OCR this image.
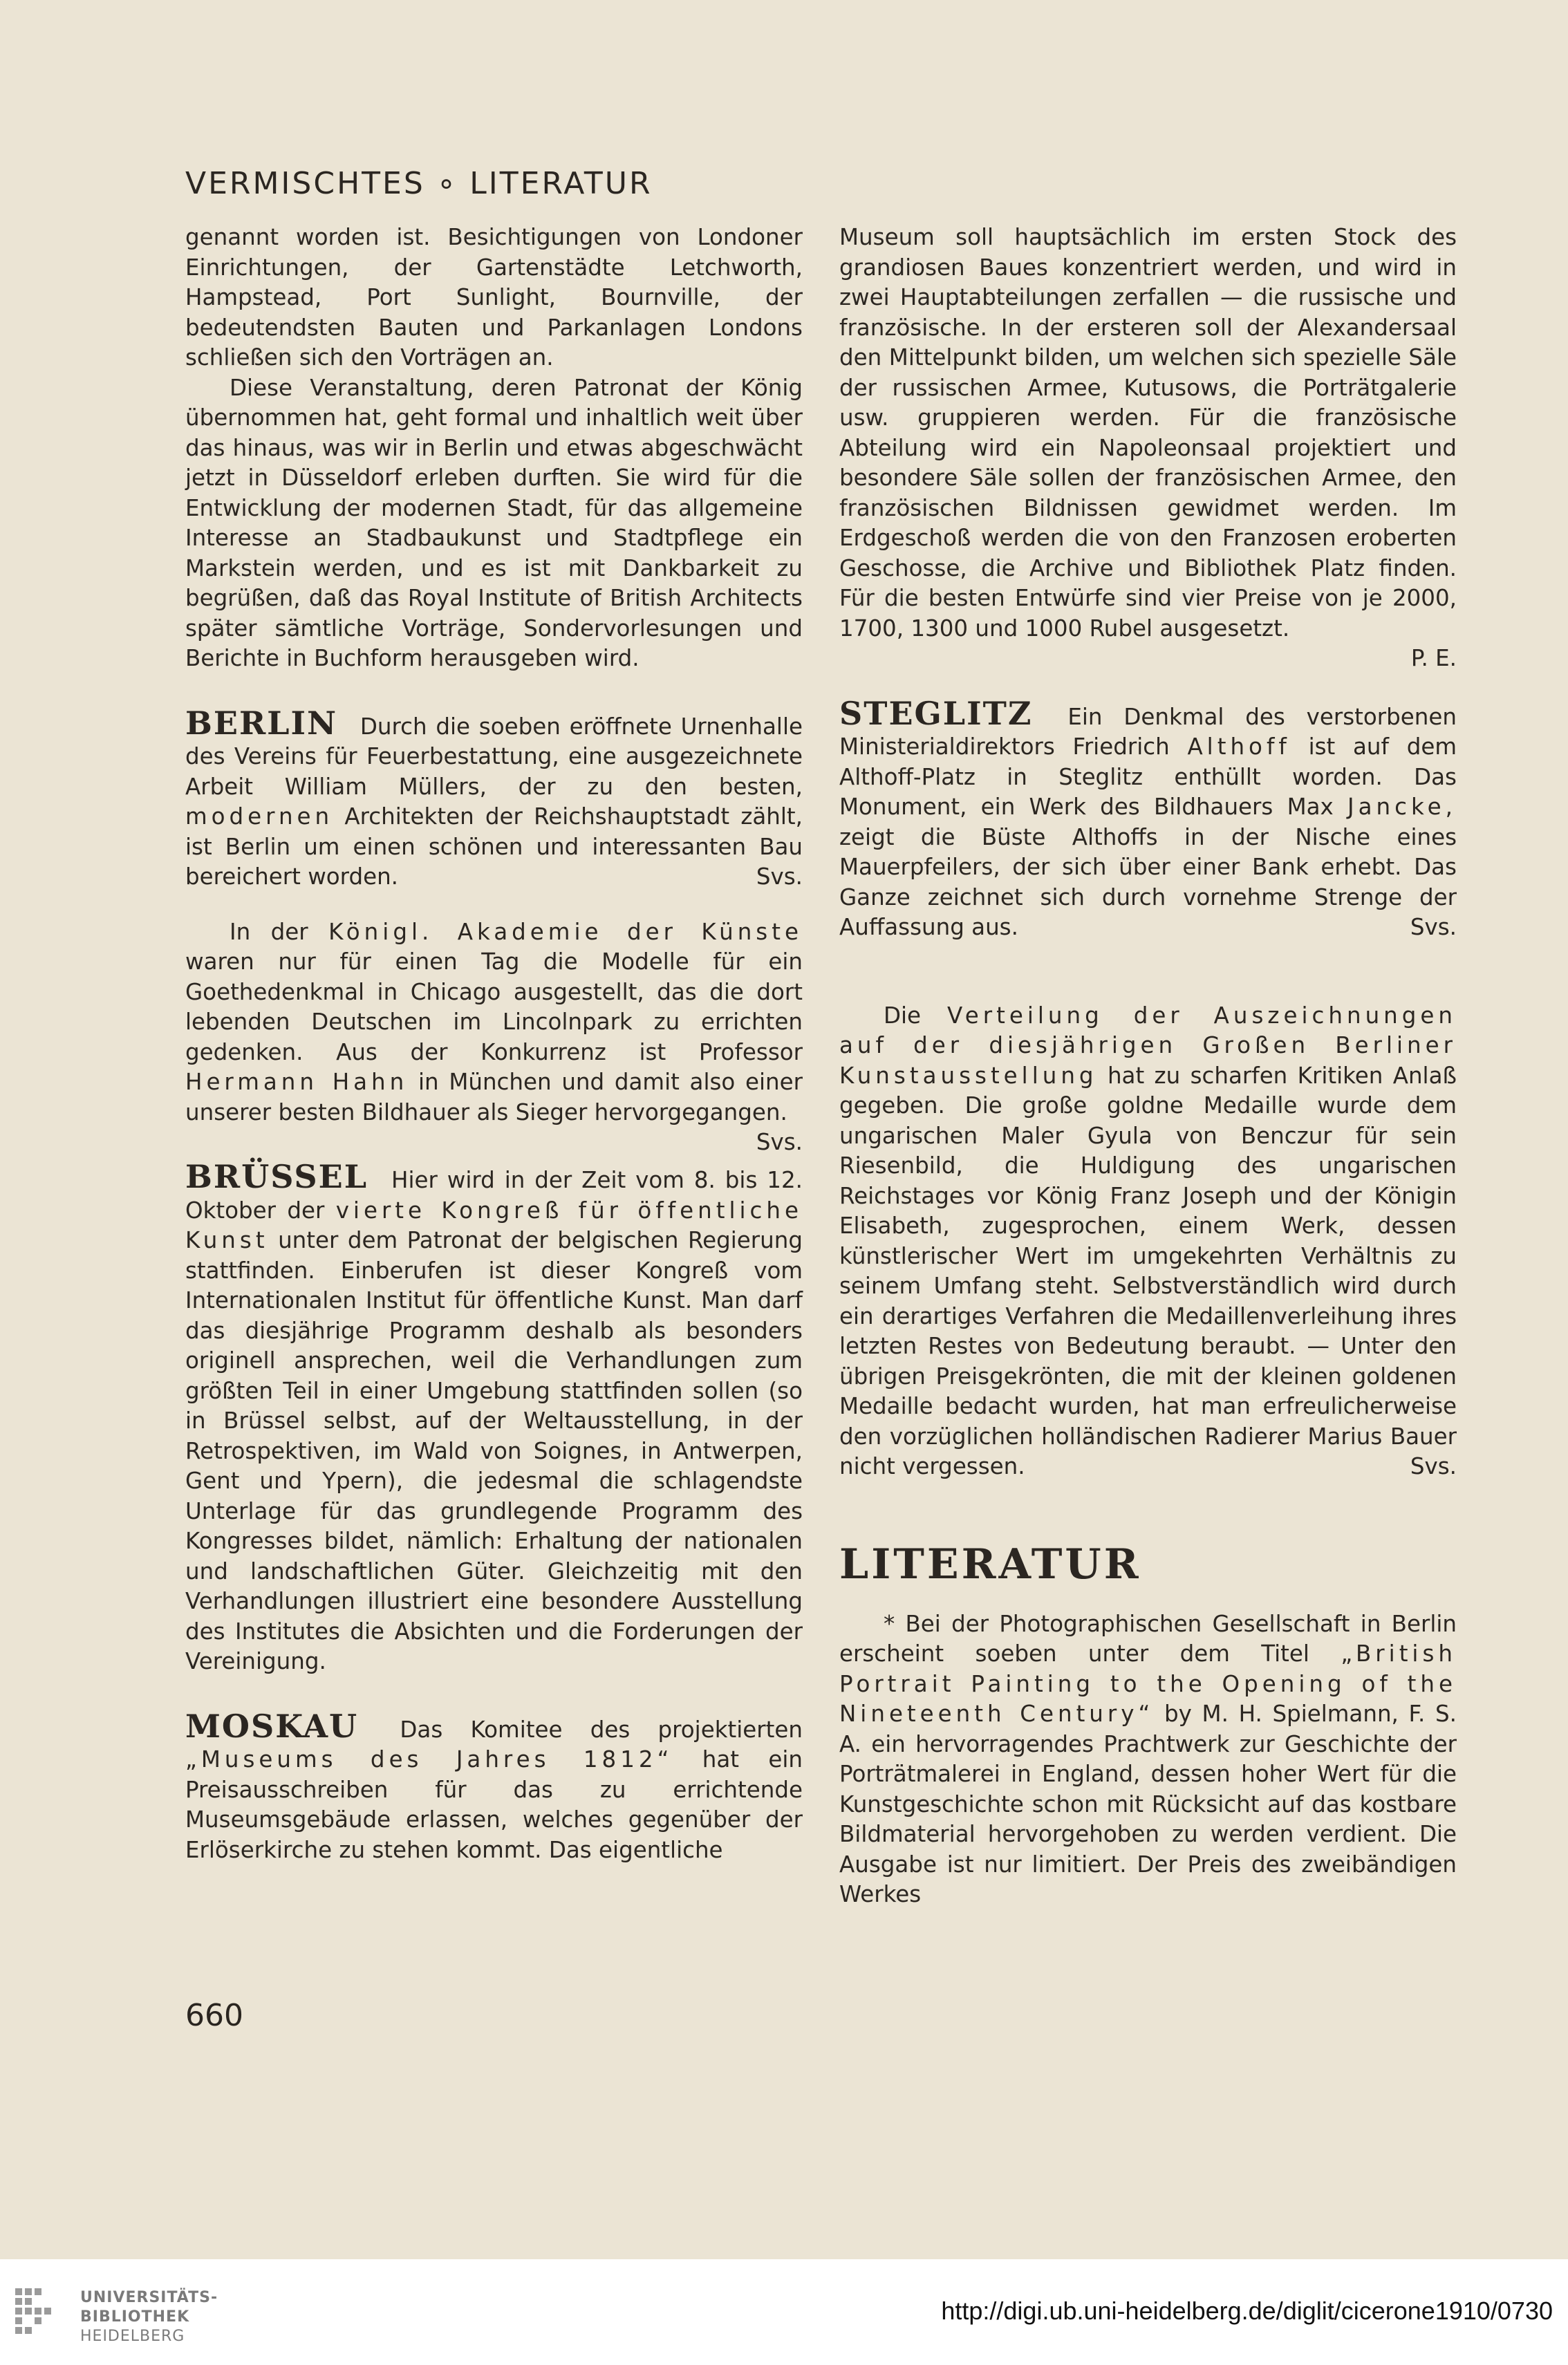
VERMISCHTES ∘ LITERATUR

genannt worden ist. Besichtigungen von Londoner Einrichtungen, der Gartenstädte Letchworth, Hampstead, Port Sunlight, Bournville, der bedeutendsten Bauten und Parkanlagen Londons schließen sich den Vorträgen an.

Diese Veranstaltung, deren Patronat der König übernommen hat, geht formal und inhaltlich weit über das hinaus, was wir in Berlin und etwas abgeschwächt jetzt in Düsseldorf erleben durften. Sie wird für die Entwicklung der modernen Stadt, für das allgemeine Interesse an Stadbaukunst und Stadtpflege ein Markstein werden, und es ist mit Dankbarkeit zu begrüßen, daß das Royal Institute of British Architects später sämtliche Vorträge, Sondervorlesungen und Berichte in Buchform herausgeben wird.

BERLIN Durch die soeben eröffnete Urnenhalle des Vereins für Feuerbestattung, eine ausgezeichnete Arbeit William Müllers, der zu den besten, modernen Architekten der Reichshauptstadt zählt, ist Berlin um einen schönen und interessanten Bau bereichert worden.	Svs.

In der Königl. Akademie der Künste waren nur für einen Tag die Modelle für ein Goethedenkmal in Chicago ausgestellt, das die dort lebenden Deutschen im Lincolnpark zu errichten gedenken. Aus der Konkurrenz ist Professor Hermann Hahn in München und damit also einer unserer besten Bildhauer als Sieger hervorgegangen.
Svs.

BRÜSSEL Hier wird in der Zeit vom 8. bis 12. Oktober der vierte Kongreß für öffentliche Kunst unter dem Patronat der belgischen Regierung stattfinden. Einberufen ist dieser Kongreß vom Internationalen Institut für öffentliche Kunst. Man darf das diesjährige Programm deshalb als besonders originell ansprechen, weil die Verhandlungen zum größten Teil in einer Umgebung stattfinden sollen (so in Brüssel selbst, auf der Weltausstellung, in der Retrospektiven, im Wald von Soignes, in Antwerpen, Gent und Ypern), die jedesmal die schlagendste Unterlage für das grundlegende Programm des Kongresses bildet, nämlich: Erhaltung der nationalen und landschaftlichen Güter. Gleichzeitig mit den Verhandlungen illustriert eine besondere Ausstellung des Institutes die Absichten und die Forderungen der Vereinigung.

MOSKAU Das Komitee des projektierten „Museums des Jahres 1812“ hat ein Preisausschreiben für das zu errichtende Museumsgebäude erlassen, welches gegenüber der Erlöserkirche zu stehen kommt. Das eigentliche

Museum soll hauptsächlich im ersten Stock des grandiosen Baues konzentriert werden, und wird in zwei Hauptabteilungen zerfallen — die russische und französische. In der ersteren soll der Alexandersaal den Mittelpunkt bilden, um welchen sich spezielle Säle der russischen Armee, Kutusows, die Porträtgalerie usw. gruppieren werden. Für die französische Abteilung wird ein Napoleonsaal projektiert und besondere Säle sollen der französischen Armee, den französischen Bildnissen gewidmet werden. Im Erdgeschoß werden die von den Franzosen eroberten Geschosse, die Archive und Bibliothek Platz finden. Für die besten Entwürfe sind vier Preise von je 2000, 1700, 1300 und 1000 Rubel ausgesetzt.

P. E.

STEGLITZ Ein Denkmal des verstorbenen Ministerialdirektors Friedrich Althoff ist auf dem Althoff-Platz in Steglitz enthüllt worden. Das Monument, ein Werk des Bildhauers Max Jancke, zeigt die Büste Althoffs in der Nische eines Mauerpfeilers, der sich über einer Bank erhebt. Das Ganze zeichnet sich durch vornehme Strenge der Auffassung aus.	Svs.

Die Verteilung der Auszeichnungen auf der diesjährigen Großen Berliner Kunstausstellung hat zu scharfen Kritiken Anlaß gegeben. Die große goldne Medaille wurde dem ungarischen Maler Gyula von Benczur für sein Riesenbild, die Huldigung des ungarischen Reichstages vor König Franz Joseph und der Königin Elisabeth, zugesprochen, einem Werk, dessen künstlerischer Wert im umgekehrten Verhältnis zu seinem Umfang steht. Selbstverständlich wird durch ein derartiges Verfahren die Medaillenverleihung ihres letzten Restes von Bedeutung beraubt. — Unter den übrigen Preisgekrönten, die mit der kleinen goldenen Medaille bedacht wurden, hat man erfreulicherweise den vorzüglichen holländischen Radierer Marius Bauer nicht vergessen.	Svs.

LITERATUR

* Bei der Photographischen Gesellschaft in Berlin erscheint soeben unter dem Titel „British Portrait Painting to the Opening of the Nineteenth Century“ by M. H. Spielmann, F. S. A. ein hervorragendes Prachtwerk zur Geschichte der Porträtmalerei in England, dessen hoher Wert für die Kunstgeschichte schon mit Rücksicht auf das kostbare Bildmaterial hervorgehoben zu werden verdient. Die Ausgabe ist nur limitiert. Der Preis des zweibändigen Werkes

660
UNIVERSITÄTS-
BIBLIOTHEK
HEIDELBERG
http://digi.ub.uni-heidelberg.de/diglit/cicerone1910/0730
